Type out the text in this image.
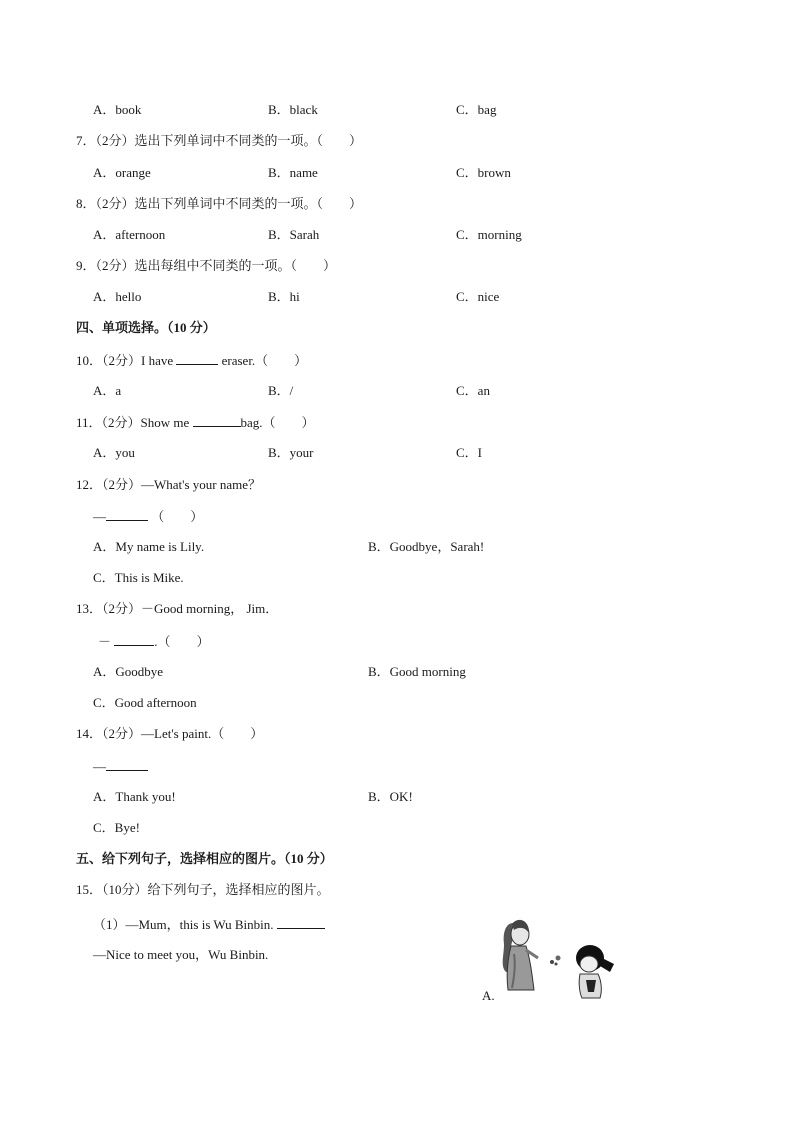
A．book	B．black	C．bag
7．（2分）选出下列单词中不同类的一项。（　　）
A．orange	B．name	C．brown
8．（2分）选出下列单词中不同类的一项。（　　）
A．afternoon	B．Sarah	C．morning
9．（2分）选出每组中不同类的一项。（　　）
A．hello	B．hi	C．nice
四、单项选择。（10 分）
10．（2分）I have	eraser.（　　）
A．a	B．/	C．an
11．（2分）Show me	bag.（　　）
A．you	B．your	C．I
12．（2分）—What's your name？
—	（　　）
A．My name is Lily.	B．Goodbye，Sarah!
C．This is Mike.
13．（2分）－Good morning， Jim．
－	.（　　）
A．Goodbye	B．Good morning
C．Good afternoon
14．（2分）—Let's paint.（　　）
—
A．Thank you!	B．OK!
C．Bye!
五、给下列句子，选择相应的图片。（10 分）
15．（10分）给下列句子，选择相应的图片。
（1）—Mum，this is Wu Binbin.
—Nice to meet you，Wu Binbin.
A.
